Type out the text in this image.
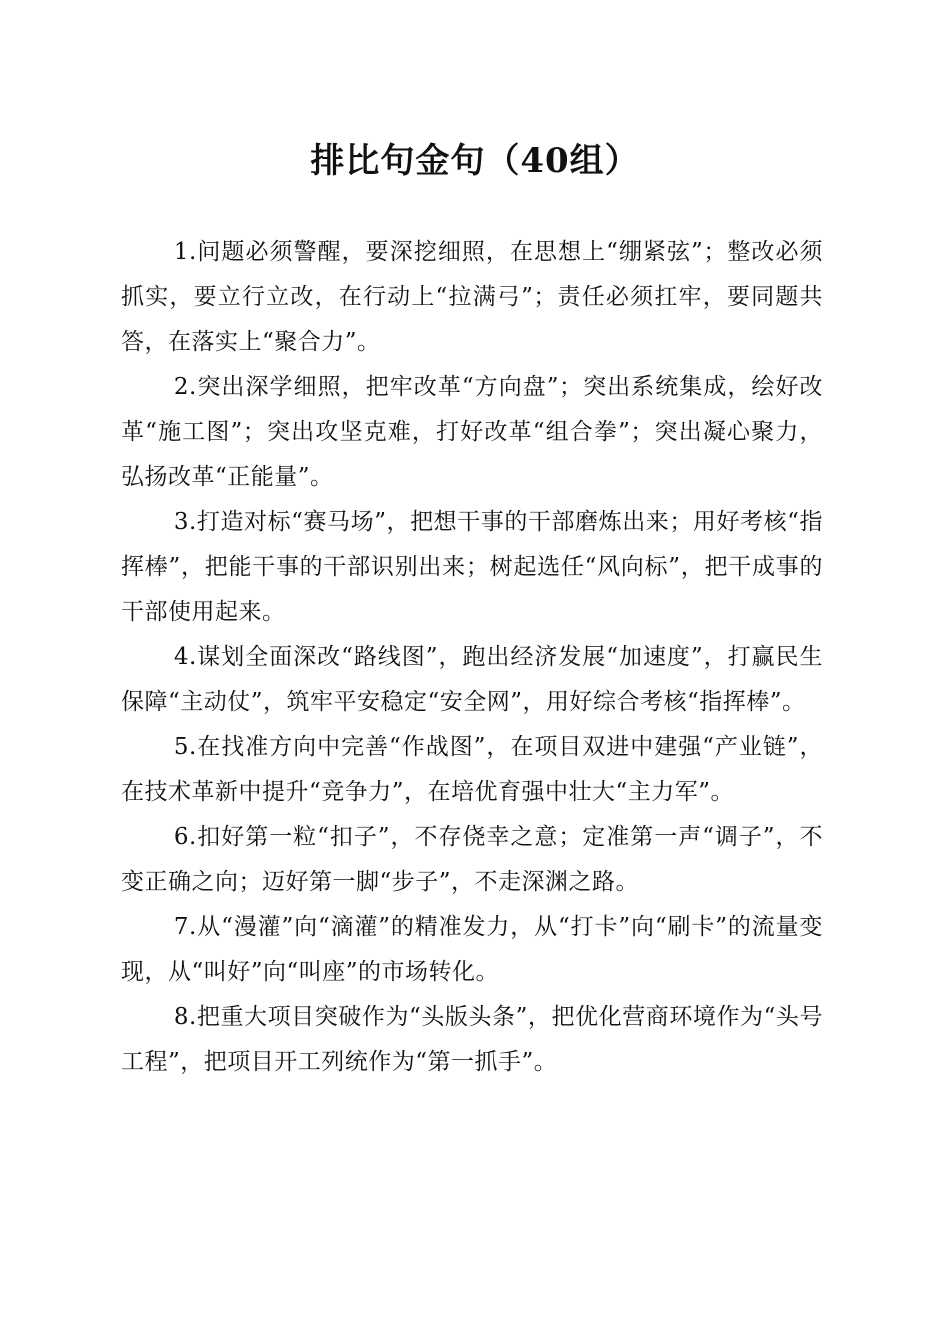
排比句金句（40组）

1.问题必须警醒，要深挖细照，在思想上“绷紧弦”；整改必须抓实，要立行立改，在行动上“拉满弓”；责任必须扛牢，要同题共答，在落实上“聚合力”。

2.突出深学细照，把牢改革“方向盘”；突出系统集成，绘好改革“施工图”；突出攻坚克难，打好改革“组合拳”；突出凝心聚力，弘扬改革“正能量”。

3.打造对标“赛马场”，把想干事的干部磨炼出来；用好考核“指挥棒”，把能干事的干部识别出来；树起选任“风向标”，把干成事的干部使用起来。

4.谋划全面深改“路线图”，跑出经济发展“加速度”，打赢民生保障“主动仗”，筑牢平安稳定“安全网”，用好综合考核“指挥棒”。

5.在找准方向中完善“作战图”，在项目双进中建强“产业链”，在技术革新中提升“竞争力”，在培优育强中壮大“主力军”。

6.扣好第一粒“扣子”，不存侥幸之意；定准第一声“调子”，不变正确之向；迈好第一脚“步子”，不走深渊之路。

7.从“漫灌”向“滴灌”的精准发力，从“打卡”向“刷卡”的流量变现，从“叫好”向“叫座”的市场转化。

8.把重大项目突破作为“头版头条”，把优化营商环境作为“头号工程”，把项目开工列统作为“第一抓手”。
